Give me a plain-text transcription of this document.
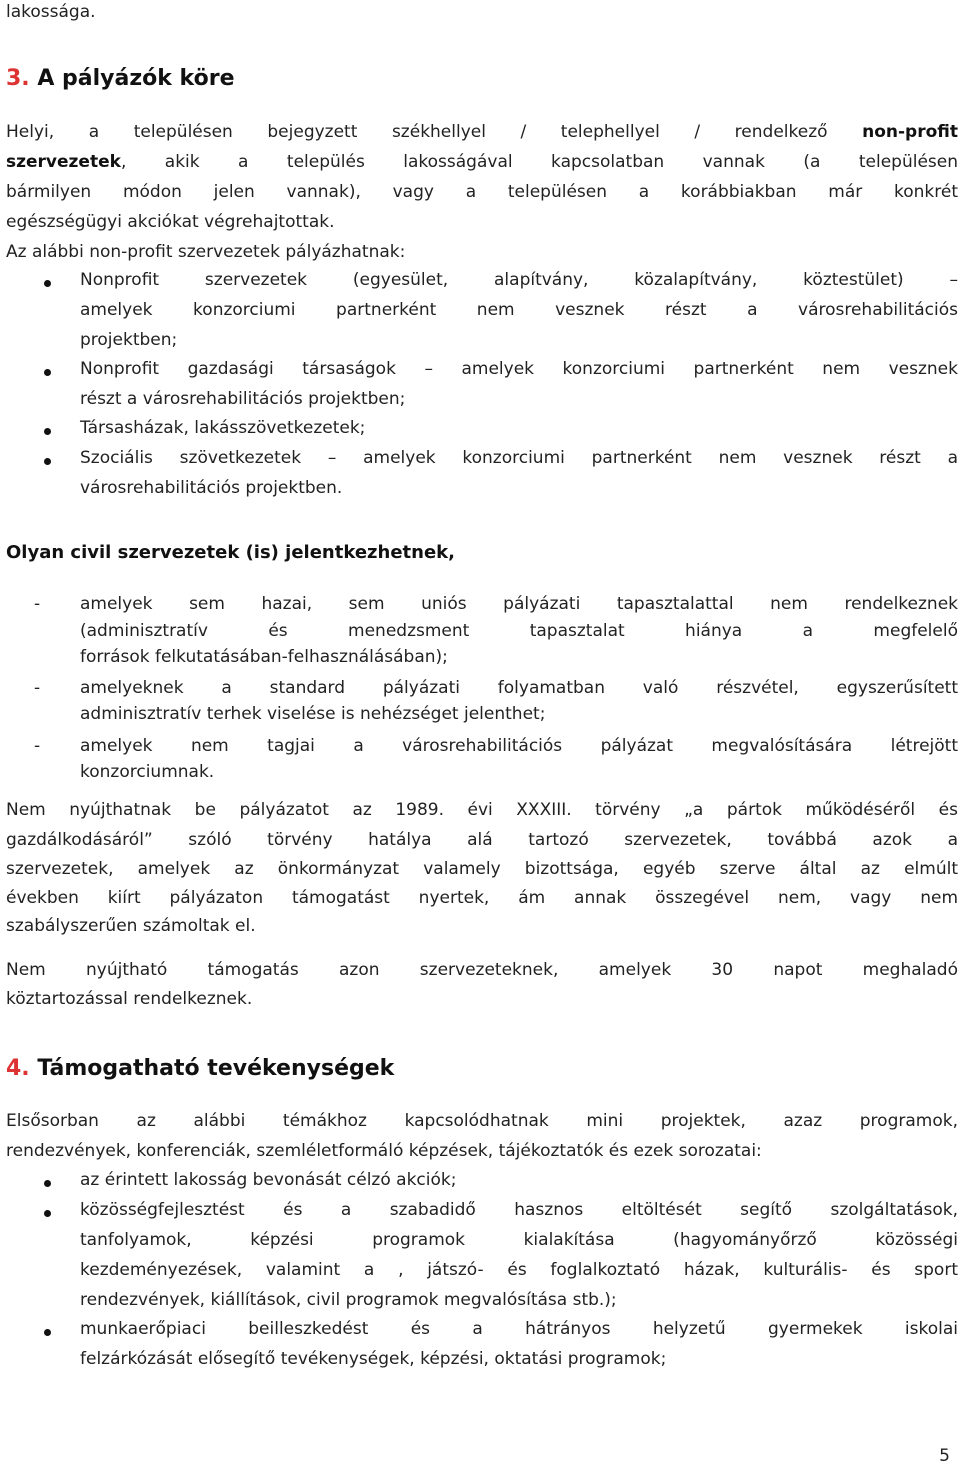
lakossága.
3. A pályázók köre
Helyi, a településen bejegyzett székhellyel / telephellyel / rendelkező non-profit
szervezetek, akik a település lakosságával kapcsolatban vannak (a településen
bármilyen módon jelen vannak), vagy a településen a korábbiakban már konkrét
egészségügyi akciókat végrehajtottak.
Az alábbi non-profit szervezetek pályázhatnak:
Nonprofit szervezetek (egyesület, alapítvány, közalapítvány, köztestület) –
amelyek konzorciumi partnerként nem vesznek részt a városrehabilitációs
projektben;
Nonprofit gazdasági társaságok – amelyek konzorciumi partnerként nem vesznek
részt a városrehabilitációs projektben;
Társasházak, lakásszövetkezetek;
Szociális szövetkezetek – amelyek konzorciumi partnerként nem vesznek részt a
városrehabilitációs projektben.
Olyan civil szervezetek (is) jelentkezhetnek,
- amelyek sem hazai, sem uniós pályázati tapasztalattal nem rendelkeznek
(adminisztratív és menedzsment tapasztalat hiánya a megfelelő
források felkutatásában-felhasználásában);
- amelyeknek a standard pályázati folyamatban való részvétel, egyszerűsített
adminisztratív terhek viselése is nehézséget jelenthet;
- amelyek nem tagjai a városrehabilitációs pályázat megvalósítására létrejött
konzorciumnak.
Nem nyújthatnak be pályázatot az 1989. évi XXXIII. törvény „a pártok működéséről és
gazdálkodásáról” szóló törvény hatálya alá tartozó szervezetek, továbbá azok a
szervezetek, amelyek az önkormányzat valamely bizottsága, egyéb szerve által az elmúlt
években kiírt pályázaton támogatást nyertek, ám annak összegével nem, vagy nem
szabályszerűen számoltak el.
Nem nyújtható támogatás azon szervezeteknek, amelyek 30 napot meghaladó
köztartozással rendelkeznek.
4. Támogatható tevékenységek
Elsősorban az alábbi témákhoz kapcsolódhatnak mini projektek, azaz programok,
rendezvények, konferenciák, szemléletformáló képzések, tájékoztatók és ezek sorozatai:
az érintett lakosság bevonását célzó akciók;
közösségfejlesztést és a szabadidő hasznos eltöltését segítő szolgáltatások,
tanfolyamok, képzési programok kialakítása (hagyományőrző közösségi
kezdeményezések, valamint a , játszó- és foglalkoztató házak, kulturális- és sport
rendezvények, kiállítások, civil programok megvalósítása stb.);
munkaerőpiaci beilleszkedést és a hátrányos helyzetű gyermekek iskolai
felzárkózását elősegítő tevékenységek, képzési, oktatási programok;
5
